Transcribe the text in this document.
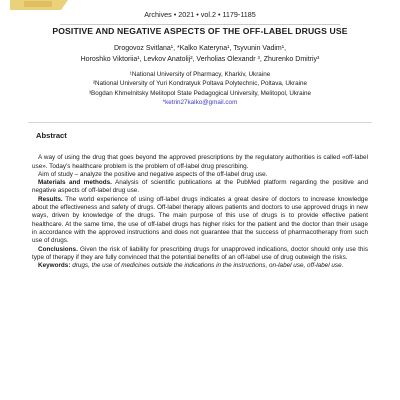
Archives • 2021 • vol.2 • 1179-1185
POSITIVE AND NEGATIVE ASPECTS OF THE OFF-LABEL DRUGS USE
Drogovoz Svitlana¹, *Kalko Kateryna¹, Tsyvunin Vadim¹,
Horoshko Viktoriia¹, Levkov Anatolij², Verholias Olexandr ³, Zhurenko Dmitriy³
¹National University of Pharmacy, Kharkiv, Ukraine
²National University of Yuri Kondratyuk Poltava Polytechnic, Poltava, Ukraine
³Bogdan Khmelnitsky Melitopol State Pedagogical University, Melitopol, Ukraine
*ketrin27kalko@gmail.com
Abstract

A way of using the drug that goes beyond the approved prescriptions by the regulatory authorities is called «off-label use». Today's healthcare problem is the problem of off-label drug prescribing.

Aim of study – analyze the positive and negative aspects of the off-label drug use.

Materials and methods. Analysis of scientific publications at the PubMed platform regarding the positive and negative aspects of off-label drug use.

Results. The world experience of using off-label drugs indicates a great desire of doctors to increase knowledge about the effectiveness and safety of drugs. Off-label therapy allows patients and doctors to use approved drugs in new ways, driven by knowledge of the drugs. The main purpose of this use of drugs is to provide effective patient healthcare. At the same time, the use of off-label drugs has higher risks for the patient and the doctor than their usage in accordance with the approved instructions and does not guarantee that the success of pharmacotherapy from such use of drugs.

Conclusions. Given the risk of liability for prescribing drugs for unapproved indications, doctor should only use this type of therapy if they are fully convinced that the potential benefits of an off-label use of drug outweigh the risks.

Keywords: drugs, the use of medicines outside the indications in the instructions, on-label use, off-label use.
